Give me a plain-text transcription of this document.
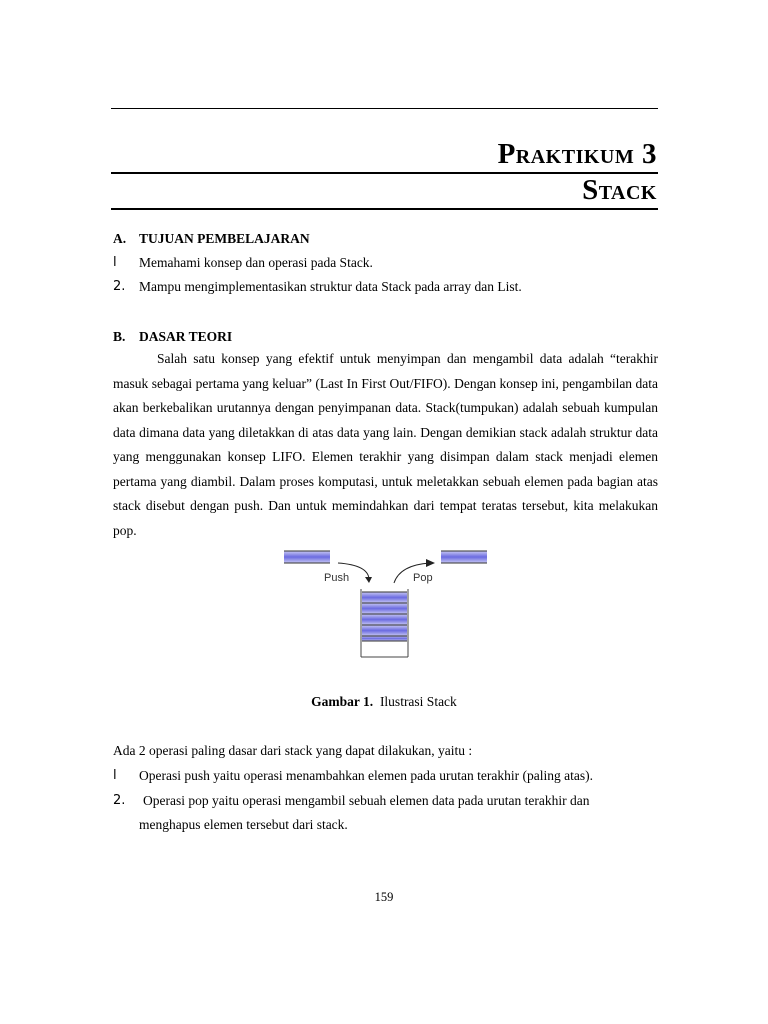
Praktikum 3
Stack
A. TUJUAN PEMBELAJARAN
l Memahami konsep dan operasi pada Stack.
2. Mampu mengimplementasikan struktur data Stack pada array dan List.
B. DASAR TEORI
Salah satu konsep yang efektif untuk menyimpan dan mengambil data adalah “terakhir masuk sebagai pertama yang keluar” (Last In First Out/FIFO). Dengan konsep ini, pengambilan data akan berkebalikan urutannya dengan penyimpanan data. Stack(tumpukan) adalah sebuah kumpulan data dimana data yang diletakkan di atas data yang lain. Dengan demikian stack adalah struktur data yang menggunakan konsep LIFO. Elemen terakhir yang disimpan dalam stack menjadi elemen pertama yang diambil. Dalam proses komputasi, untuk meletakkan sebuah elemen pada bagian atas stack disebut dengan push. Dan untuk memindahkan dari tempat teratas tersebut, kita melakukan pop.
Push	Pop
Gambar 1. Ilustrasi Stack
Ada 2 operasi paling dasar dari stack yang dapat dilakukan, yaitu :
l Operasi push yaitu operasi menambahkan elemen pada urutan terakhir (paling atas).
2. Operasi pop yaitu operasi mengambil sebuah elemen data pada urutan terakhir dan
menghapus elemen tersebut dari stack.
159
